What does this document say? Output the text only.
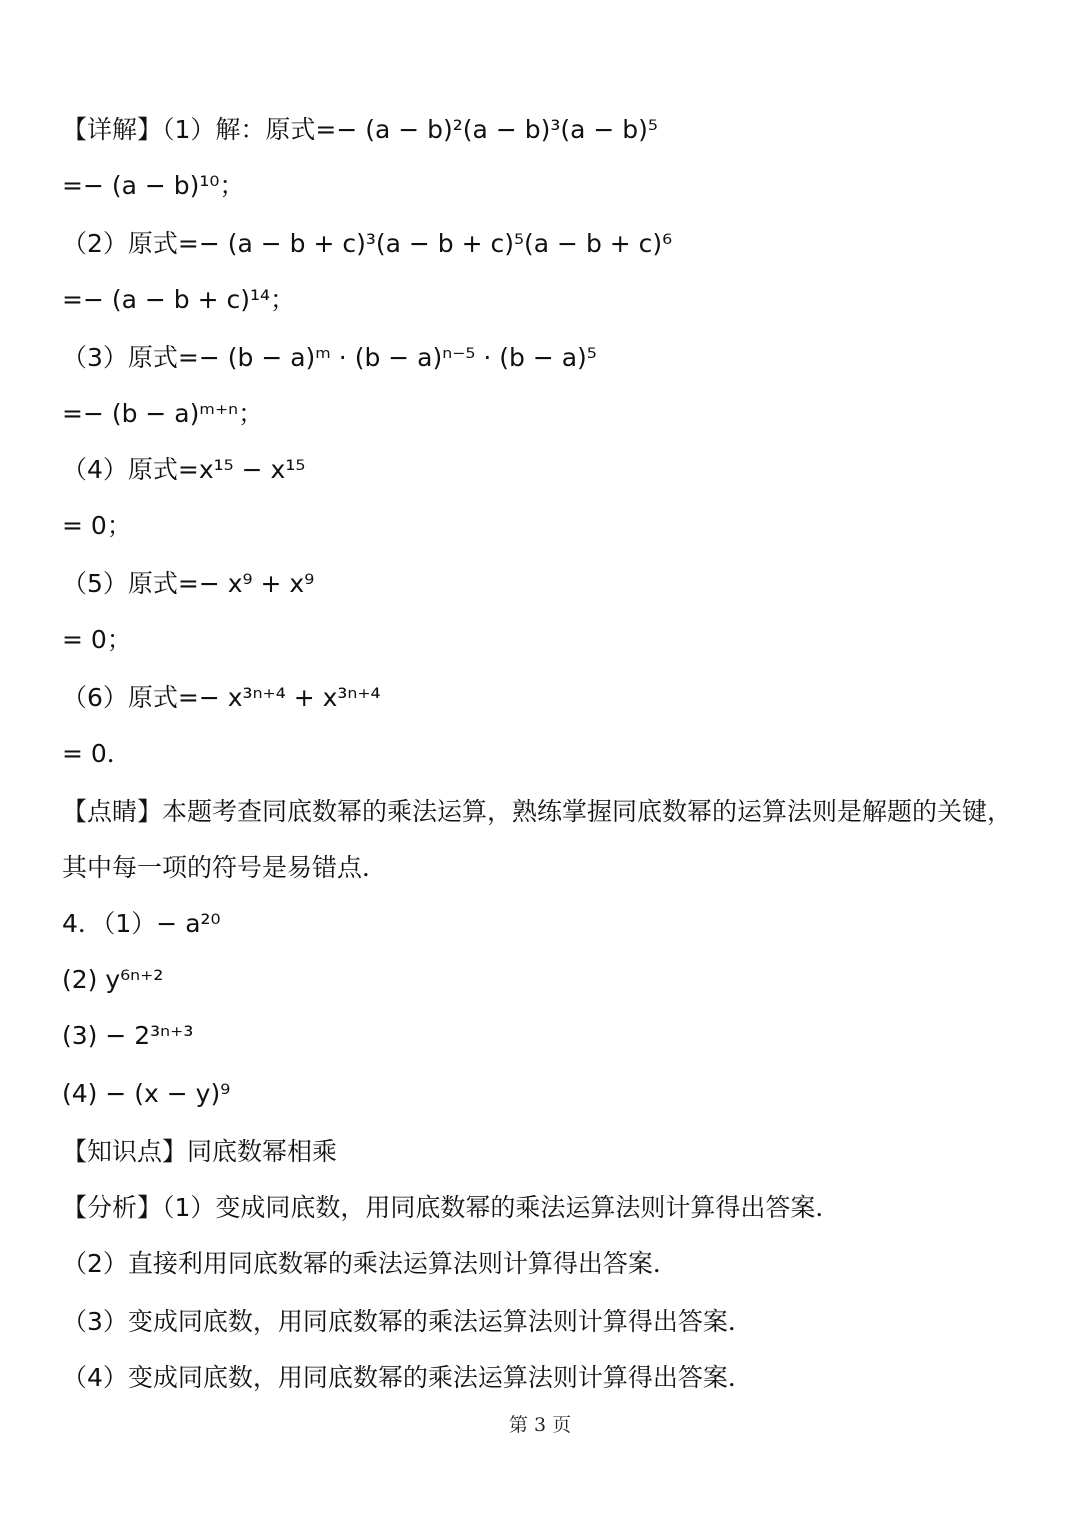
【详解】（1）解：原式=− (a − b)²(a − b)³(a − b)⁵
=− (a − b)¹⁰；
（2）原式=− (a − b + c)³(a − b + c)⁵(a − b + c)⁶
=− (a − b + c)¹⁴；
（3）原式=− (b − a)ᵐ · (b − a)ⁿ⁻⁵ · (b − a)⁵
=− (b − a)ᵐ⁺ⁿ；
（4）原式=x¹⁵ − x¹⁵
= 0；
（5）原式=− x⁹ + x⁹
= 0；
（6）原式=− x³ⁿ⁺⁴ + x³ⁿ⁺⁴
= 0．
【点睛】本题考查同底数幂的乘法运算，熟练掌握同底数幂的运算法则是解题的关键，
其中每一项的符号是易错点．
4．（1）− a²⁰
(2) y⁶ⁿ⁺²
(3) − 2³ⁿ⁺³
(4) − (x − y)⁹
【知识点】同底数幂相乘
【分析】（1）变成同底数，用同底数幂的乘法运算法则计算得出答案．
（2）直接利用同底数幂的乘法运算法则计算得出答案．
（3）变成同底数，用同底数幂的乘法运算法则计算得出答案．
（4）变成同底数，用同底数幂的乘法运算法则计算得出答案．
第 3 页
